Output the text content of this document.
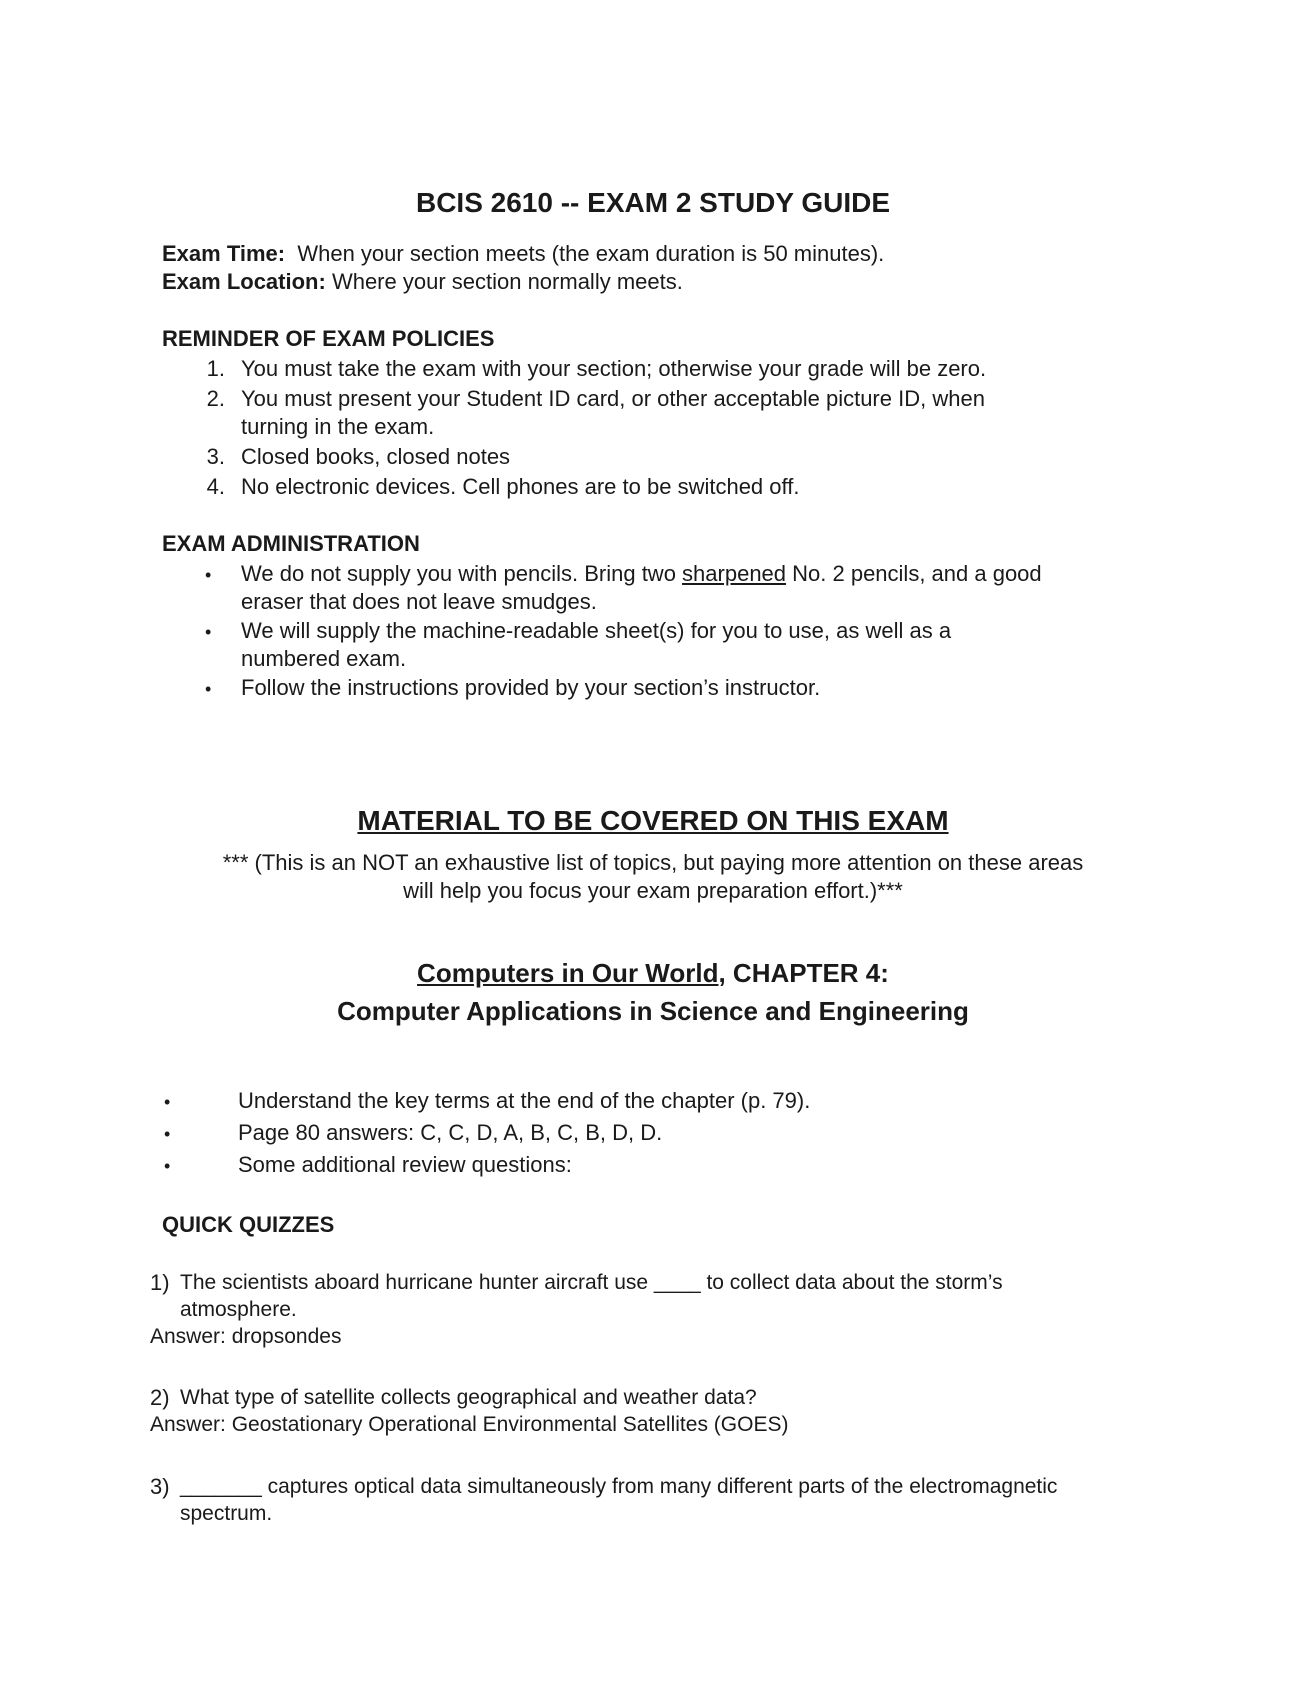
BCIS 2610 -- EXAM 2 STUDY GUIDE
Exam Time: When your section meets (the exam duration is 50 minutes).
Exam Location: Where your section normally meets.
REMINDER OF EXAM POLICIES
1. You must take the exam with your section; otherwise your grade will be zero.
2. You must present your Student ID card, or other acceptable picture ID, when
turning in the exam.
3. Closed books, closed notes
4. No electronic devices. Cell phones are to be switched off.
EXAM ADMINISTRATION
• We do not supply you with pencils. Bring two sharpened No. 2 pencils, and a good
eraser that does not leave smudges.
• We will supply the machine-readable sheet(s) for you to use, as well as a
numbered exam.
• Follow the instructions provided by your section’s instructor.
MATERIAL TO BE COVERED ON THIS EXAM
*** (This is an NOT an exhaustive list of topics, but paying more attention on these areas
will help you focus your exam preparation effort.)***
Computers in Our World, CHAPTER 4:
Computer Applications in Science and Engineering
•	Understand the key terms at the end of the chapter (p. 79).
•	Page 80 answers: C, C, D, A, B, C, B, D, D.
•	Some additional review questions:
QUICK QUIZZES
1) The scientists aboard hurricane hunter aircraft use ____ to collect data about the storm’s
atmosphere.
Answer: dropsondes
2) What type of satellite collects geographical and weather data?
Answer: Geostationary Operational Environmental Satellites (GOES)
3) _______ captures optical data simultaneously from many different parts of the electromagnetic
spectrum.
